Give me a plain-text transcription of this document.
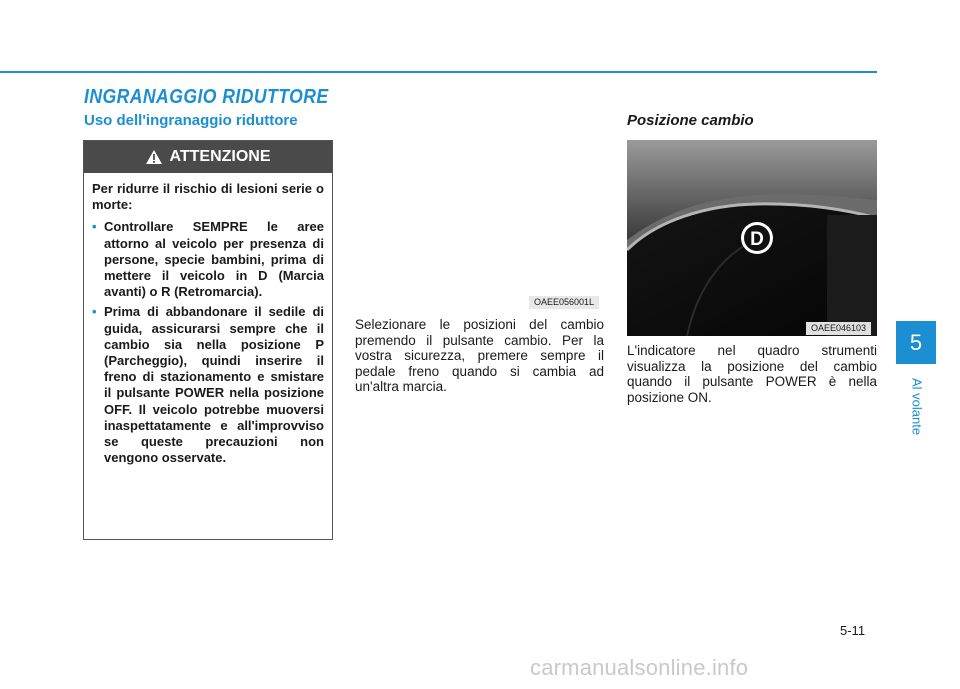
INGRANAGGIO RIDUTTORE
Uso dell'ingranaggio riduttore	Posizione cambio
ATTENZIONE

Per ridurre il rischio di lesioni serie o morte:

• Controllare SEMPRE le aree attorno al veicolo per presenza di persone, specie bambini, prima di mettere il veicolo in D (Marcia avanti) o R (Retromarcia).
• Prima di abbandonare il sedile di guida, assicurarsi sempre che il cambio sia nella posizione P (Parcheggio), quindi inserire il freno di stazionamento e smistare il pulsante POWER nella posizione OFF. Il veicolo potrebbe muoversi inaspettatamente e all'improvviso se queste precauzioni non vengono osservate.
OAEE056001L
Selezionare le posizioni del cambio premendo il pulsante cambio. Per la vostra sicurezza, premere sempre il pedale freno quando si cambia ad un'altra marcia.
D
OAEE046103
L'indicatore nel quadro strumenti visualizza la posizione del cambio quando il pulsante POWER è nella posizione ON.
5
Al volante
5-11
carmanualsonline.info
